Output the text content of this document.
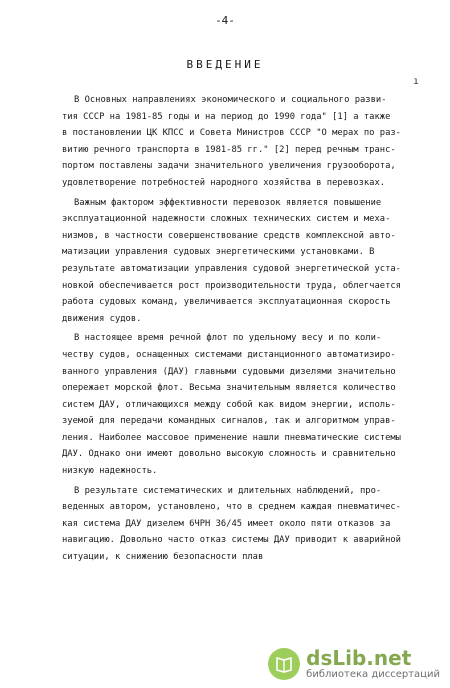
-4-
ВВЕДЕНИЕ
ı
В Основных направлениях экономического и социального разви-
тия СССР на 1981-85 годы и на период до 1990 года" [1] а также
в постановлении ЦК КПСС и Совета Министров СССР "О мерах по раз-
витию речного транспорта в 1981-85 гг." [2] перед речным транс-
портом поставлены задачи значительного увеличения грузооборота,
удовлетворение потребностей народного хозяйства в перевозках.
Важным фактором эффективности перевозок является повышение
эксплуатационной надежности сложных технических систем и меха-
низмов, в частности совершенствование средств комплексной авто-
матизации управления судовых энергетическими установками. В
результате автоматизации управления судовой энергетической уста-
новкой обеспечивается рост производительности труда, облегчается
работа судовых команд, увеличивается эксплуатационная скорость
движения судов.
В настоящее время речной флот по удельному весу и по коли-
честву судов, оснащенных системами дистанционного автоматизиро-
ванного управления (ДАУ) главными судовыми дизелями значительно
опережает морской флот. Весьма значительным является количество
систем ДАУ, отличающихся между собой как видом энергии, исполь-
зуемой для передачи командных сигналов, так и алгоритмом управ-
ления. Наиболее массовое применение нашли пневматические системы
ДАУ. Однако они имеют довольно высокую сложность и сравнительно
низкую надежность.
В результате систематических и длительных наблюдений, про-
веденных автором, установлено, что в среднем каждая пневматичес-
кая система ДАУ дизелем 6ЧРН 36/45 имеет около пяти отказов за
навигацию. Довольно часто отказ системы ДАУ приводит к аварийной
ситуации, к снижению безопасности плав
dsLib.net
библиотека диссертаций
